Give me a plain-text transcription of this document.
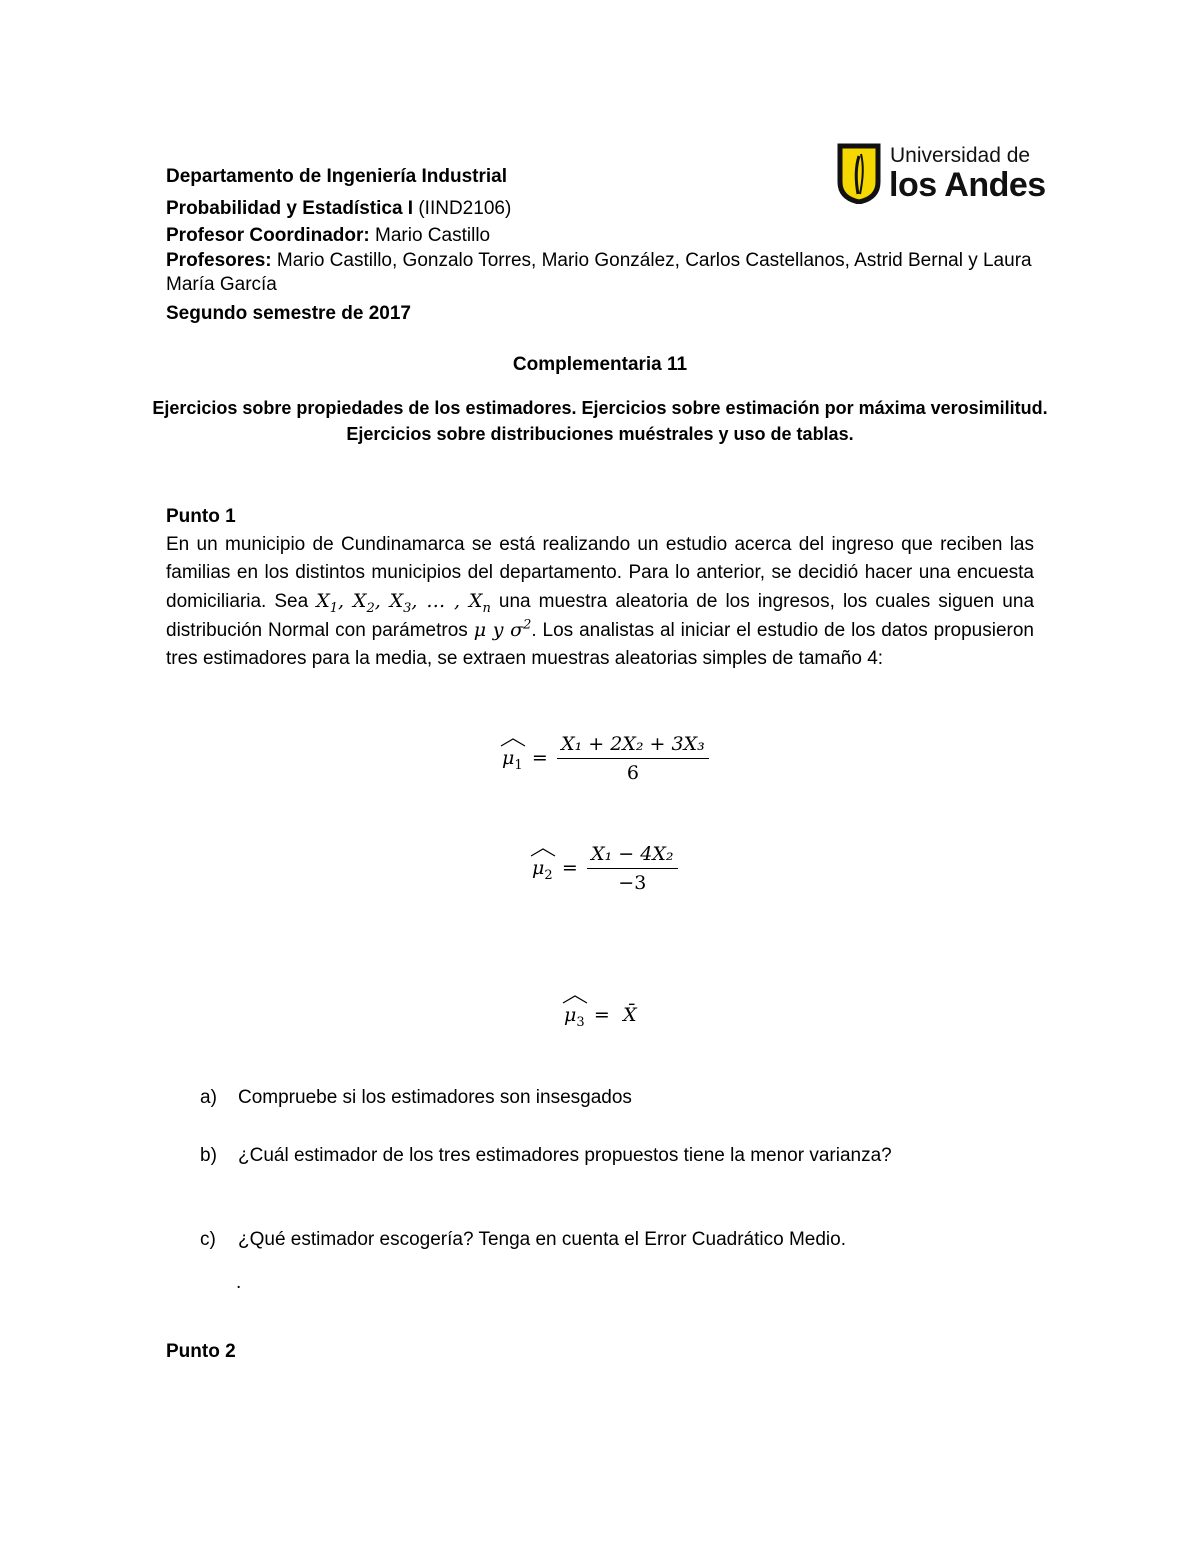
Departamento de Ingeniería Industrial
Probabilidad y Estadística I (IIND2106)
Profesor Coordinador: Mario Castillo
Profesores: Mario Castillo, Gonzalo Torres, Mario González, Carlos Castellanos, Astrid Bernal y Laura
María García
Segundo semestre de 2017
Universidad de
los Andes
Complementaria 11
Ejercicios sobre propiedades de los estimadores. Ejercicios sobre estimación por máxima verosimilitud.
Ejercicios sobre distribuciones muéstrales y uso de tablas.
Punto 1
En un municipio de Cundinamarca se está realizando un estudio acerca del ingreso que reciben las familias en los distintos municipios del departamento. Para lo anterior, se decidió hacer una encuesta domiciliaria. Sea $X_1$, $X_2$, $X_3$, … , $X_n$ una muestra aleatoria de los ingresos, los cuales siguen una distribución Normal con parámetros μ y $\sigma^2$. Los analistas al iniciar el estudio de los datos propusieron tres estimadores para la media, se extraen muestras aleatorias simples de tamaño 4:
$\mu_1 = \frac{\text{X₁ + 2X₂ + 3X₃}}{6}$
$\mu_2 = \frac{\text{X₁ − 4X₂}}{-3}$
$\mu_3$ = X̄
a) Compruebe si los estimadores son insesgados
b) ¿Cuál estimador de los tres estimadores propuestos tiene la menor varianza?
c) ¿Qué estimador escogería? Tenga en cuenta el Error Cuadrático Medio.
.
Punto 2
